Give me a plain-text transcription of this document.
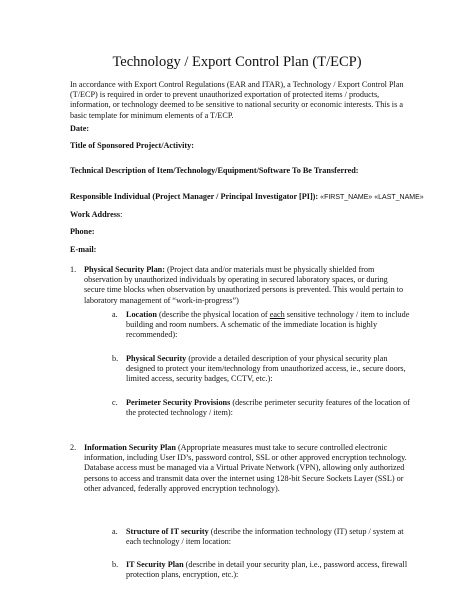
Technology / Export Control Plan (T/ECP)
In accordance with Export Control Regulations (EAR and ITAR), a Technology / Export Control Plan (T/ECP) is required in order to prevent unauthorized exportation of protected items / products, information, or technology deemed to be sensitive to national security or economic interests. This is a basic template for minimum elements of a T/ECP.
Date:
Title of Sponsored Project/Activity:
Technical Description of Item/Technology/Equipment/Software To Be Transferred:
Responsible Individual (Project Manager / Principal Investigator [PI]): «FIRST_NAME» «LAST_NAME»
Work Address:
Phone:
E-mail:
1. Physical Security Plan: (Project data and/or materials must be physically shielded from observation by unauthorized individuals by operating in secured laboratory spaces, or during secure time blocks when observation by unauthorized persons is prevented. This would pertain to laboratory management of “work-in-progress”)
a. Location (describe the physical location of each sensitive technology / item to include building and room numbers. A schematic of the immediate location is highly recommended):
b. Physical Security (provide a detailed description of your physical security plan designed to protect your item/technology from unauthorized access, ie., secure doors, limited access, security badges, CCTV, etc.):
c. Perimeter Security Provisions (describe perimeter security features of the location of the protected technology / item):
2. Information Security Plan (Appropriate measures must take to secure controlled electronic information, including User ID’s, password control, SSL or other approved encryption technology. Database access must be managed via a Virtual Private Network (VPN), allowing only authorized persons to access and transmit data over the internet using 128-bit Secure Sockets Layer (SSL) or other advanced, federally approved encryption technology).
a. Structure of IT security (describe the information technology (IT) setup / system at each technology / item location:
b. IT Security Plan (describe in detail your security plan, i.e., password access, firewall protection plans, encryption, etc.):
